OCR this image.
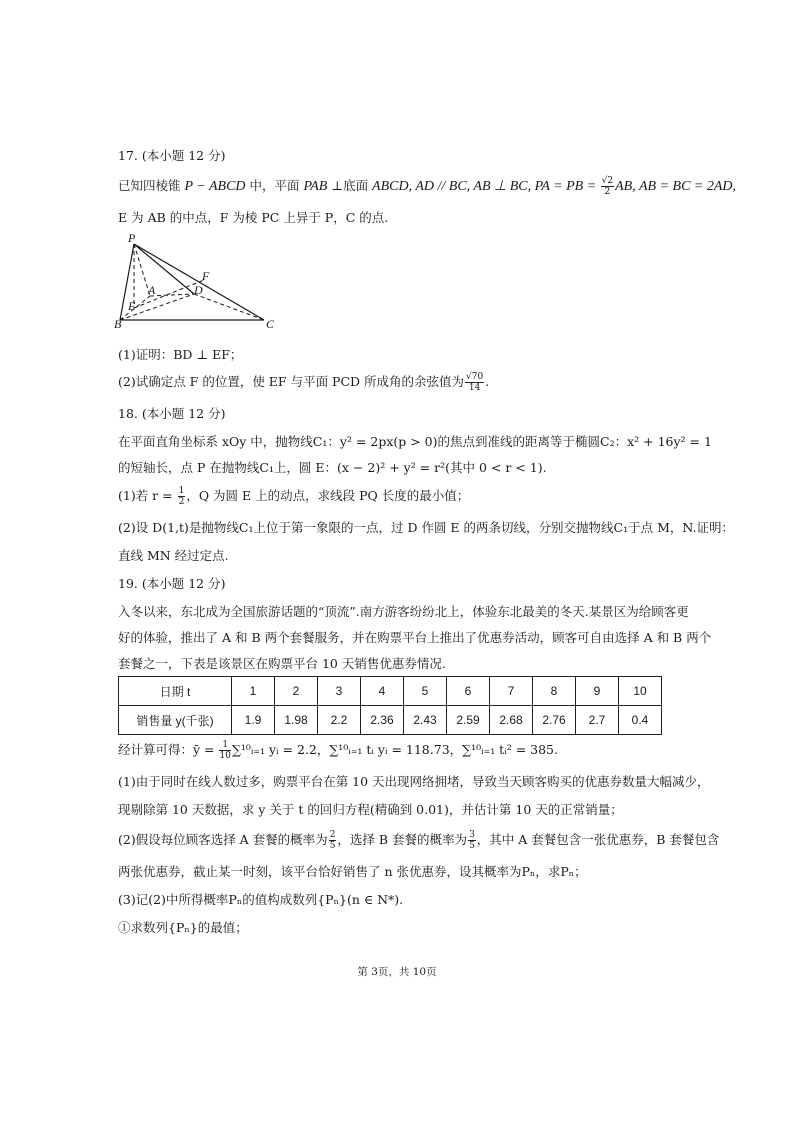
17. (本小题 12 分)
已知四棱锥 P − ABCD 中，平面 PAB ⊥底面 ABCD, AD // BC, AB ⊥ BC, PA = PB = $\frac{√2}{2}$ AB, AB = BC = 2AD,
E 为 AB 的中点，F 为棱 PC 上异于 P，C 的点.
P
F
A	D
E
B	C
(1)证明：BD ⊥ EF；
(2)试确定点 F 的位置，使 EF 与平面 PCD 所成角的余弦值为 $\frac{√70}{14}$ .
18. (本小题 12 分)
在平面直角坐标系 xOy 中，抛物线C₁：y² = 2px(p > 0)的焦点到准线的距离等于椭圆C₂：x² + 16y² = 1
的短轴长，点 P 在抛物线C₁上，圆 E：(x − 2)² + y² = r²(其中 0 < r < 1).
(1)若 $r = \frac{1}{2}$ ，Q 为圆 E 上的动点，求线段 PQ 长度的最小值；
(2)设 D(1,t)是抛物线C₁上位于第一象限的一点，过 D 作圆 E 的两条切线，分别交抛物线C₁于点 M，N.证明：
直线 MN 经过定点.
19. (本小题 12 分)
入冬以来，东北成为全国旅游话题的“顶流”.南方游客纷纷北上，体验东北最美的冬天.某景区为给顾客更
好的体验，推出了 A 和 B 两个套餐服务，并在购票平台上推出了优惠券活动，顾客可自由选择 A 和 B 两个
套餐之一，下表是该景区在购票平台 10 天销售优惠券情况.
日期 t	1	2	3	4	5	6	7	8	9	10
销售量 y(千张)	1.9	1.98	2.2	2.36	2.43	2.59	2.68	2.76	2.7	0.4
经计算可得：ȳ = $\frac{1}{10}$ ∑¹⁰ᵢ₌₁ yᵢ = 2.2，∑¹⁰ᵢ₌₁ tᵢ yᵢ = 118.73，∑¹⁰ᵢ₌₁ tᵢ² = 385.
(1)由于同时在线人数过多，购票平台在第 10 天出现网络拥堵，导致当天顾客购买的优惠券数量大幅减少，
现剔除第 10 天数据，求 y 关于 t 的回归方程(精确到 0.01)，并估计第 10 天的正常销量；
(2)假设每位顾客选择 A 套餐的概率为 $\frac{2}{5}$ ，选择 B 套餐的概率为 $\frac{3}{5}$ ，其中 A 套餐包含一张优惠券，B 套餐包含
两张优惠券，截止某一时刻，该平台恰好销售了 n 张优惠券，设其概率为Pₙ，求Pₙ；
(3)记(2)中所得概率Pₙ的值构成数列{Pₙ}(n ∈ N*).
①求数列{Pₙ}的最值；
第 3页，共 10页
